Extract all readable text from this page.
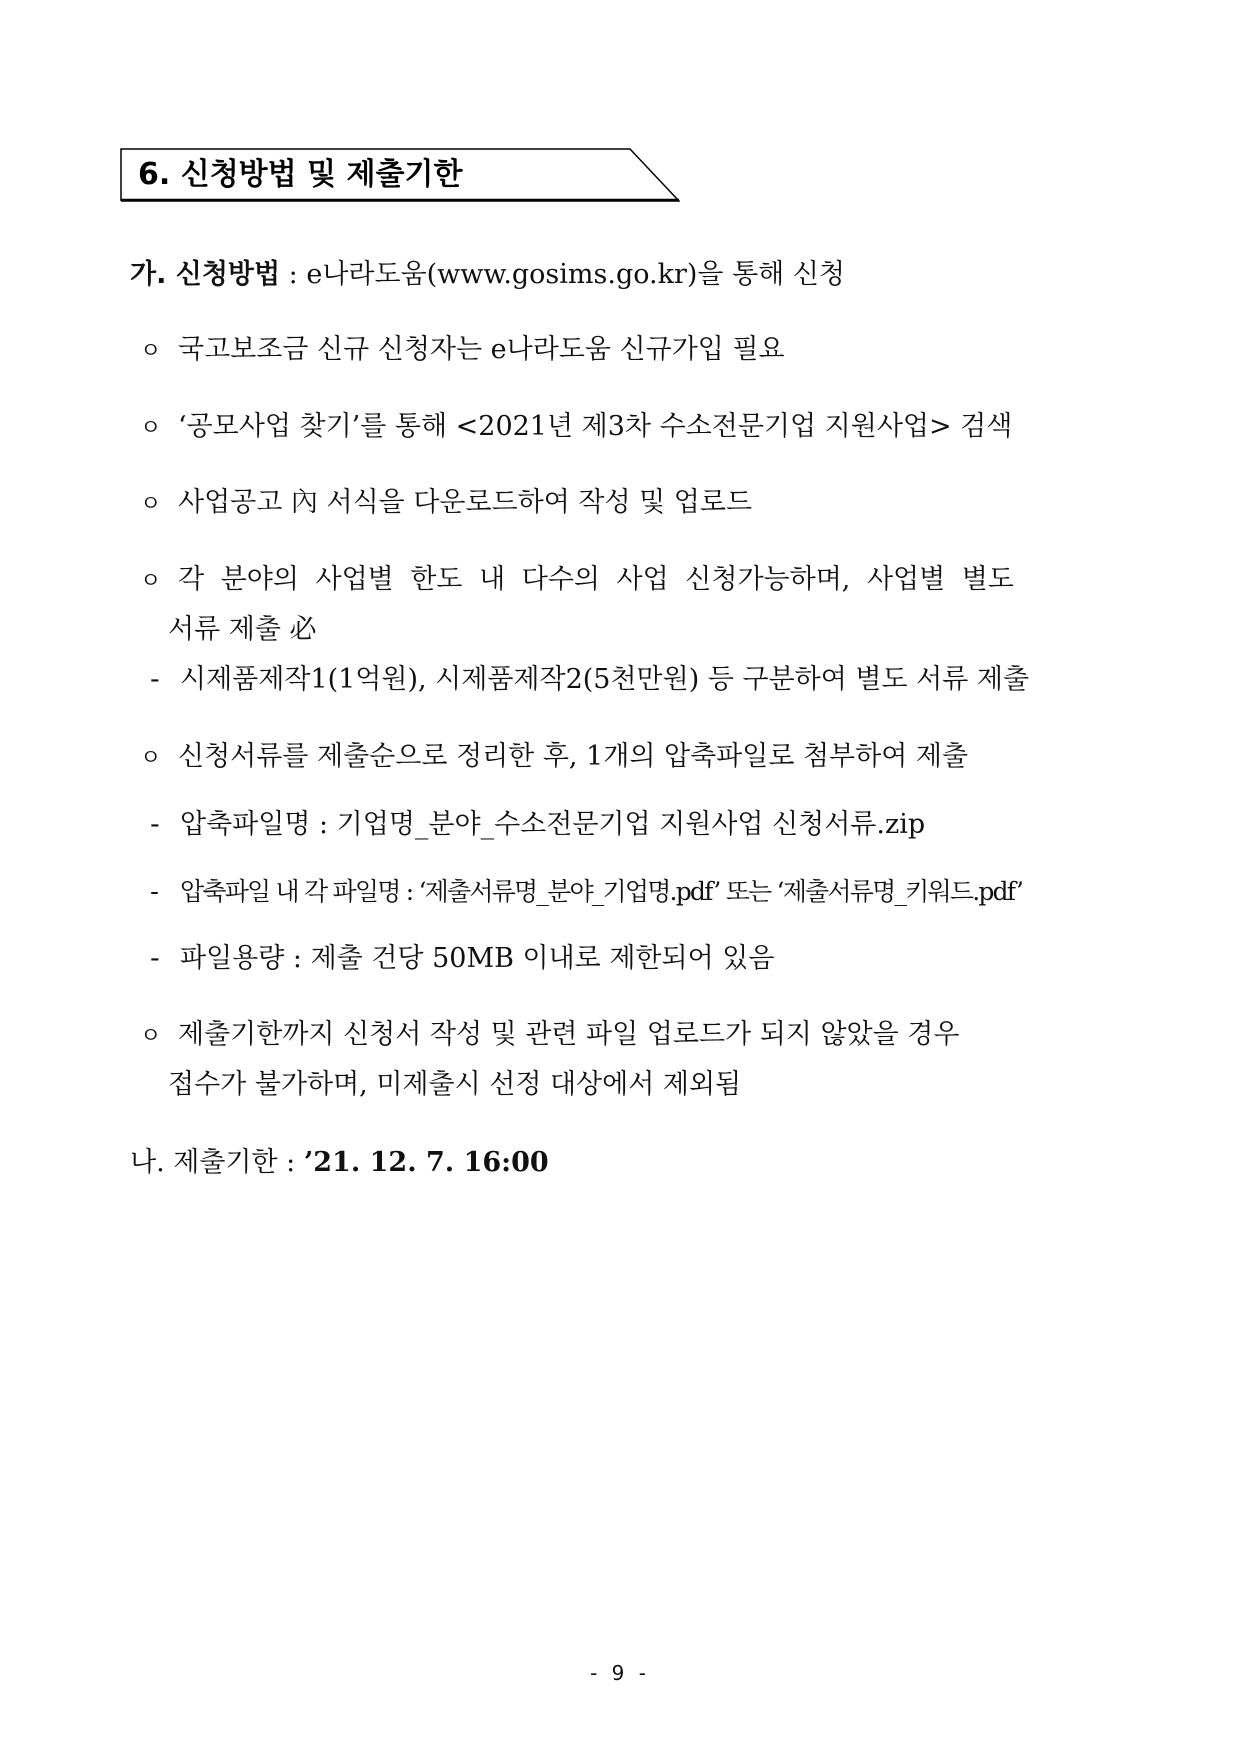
6. 신청방법 및 제출기한
가. 신청방법 : e나라도움(www.gosims.go.kr)을 통해 신청
ㅇ 국고보조금 신규 신청자는 e나라도움 신규가입 필요
ㅇ ‘공모사업 찾기’를 통해 <2021년 제3차 수소전문기업 지원사업> 검색
ㅇ 사업공고 內 서식을 다운로드하여 작성 및 업로드
ㅇ 각 분야의 사업별 한도 내 다수의 사업 신청가능하며, 사업별 별도
서류 제출 必
- 시제품제작1(1억원), 시제품제작2(5천만원) 등 구분하여 별도 서류 제출
ㅇ 신청서류를 제출순으로 정리한 후, 1개의 압축파일로 첨부하여 제출
- 압축파일명 : 기업명_분야_수소전문기업 지원사업 신청서류.zip
- 압축파일 내 각 파일명 : ‘제출서류명_분야_기업명.pdf’ 또는 ‘제출서류명_키워드.pdf’
- 파일용량 : 제출 건당 50MB 이내로 제한되어 있음
ㅇ 제출기한까지 신청서 작성 및 관련 파일 업로드가 되지 않았을 경우
접수가 불가하며, 미제출시 선정 대상에서 제외됨
나. 제출기한 : ’21. 12. 7. 16:00
- 9 -
